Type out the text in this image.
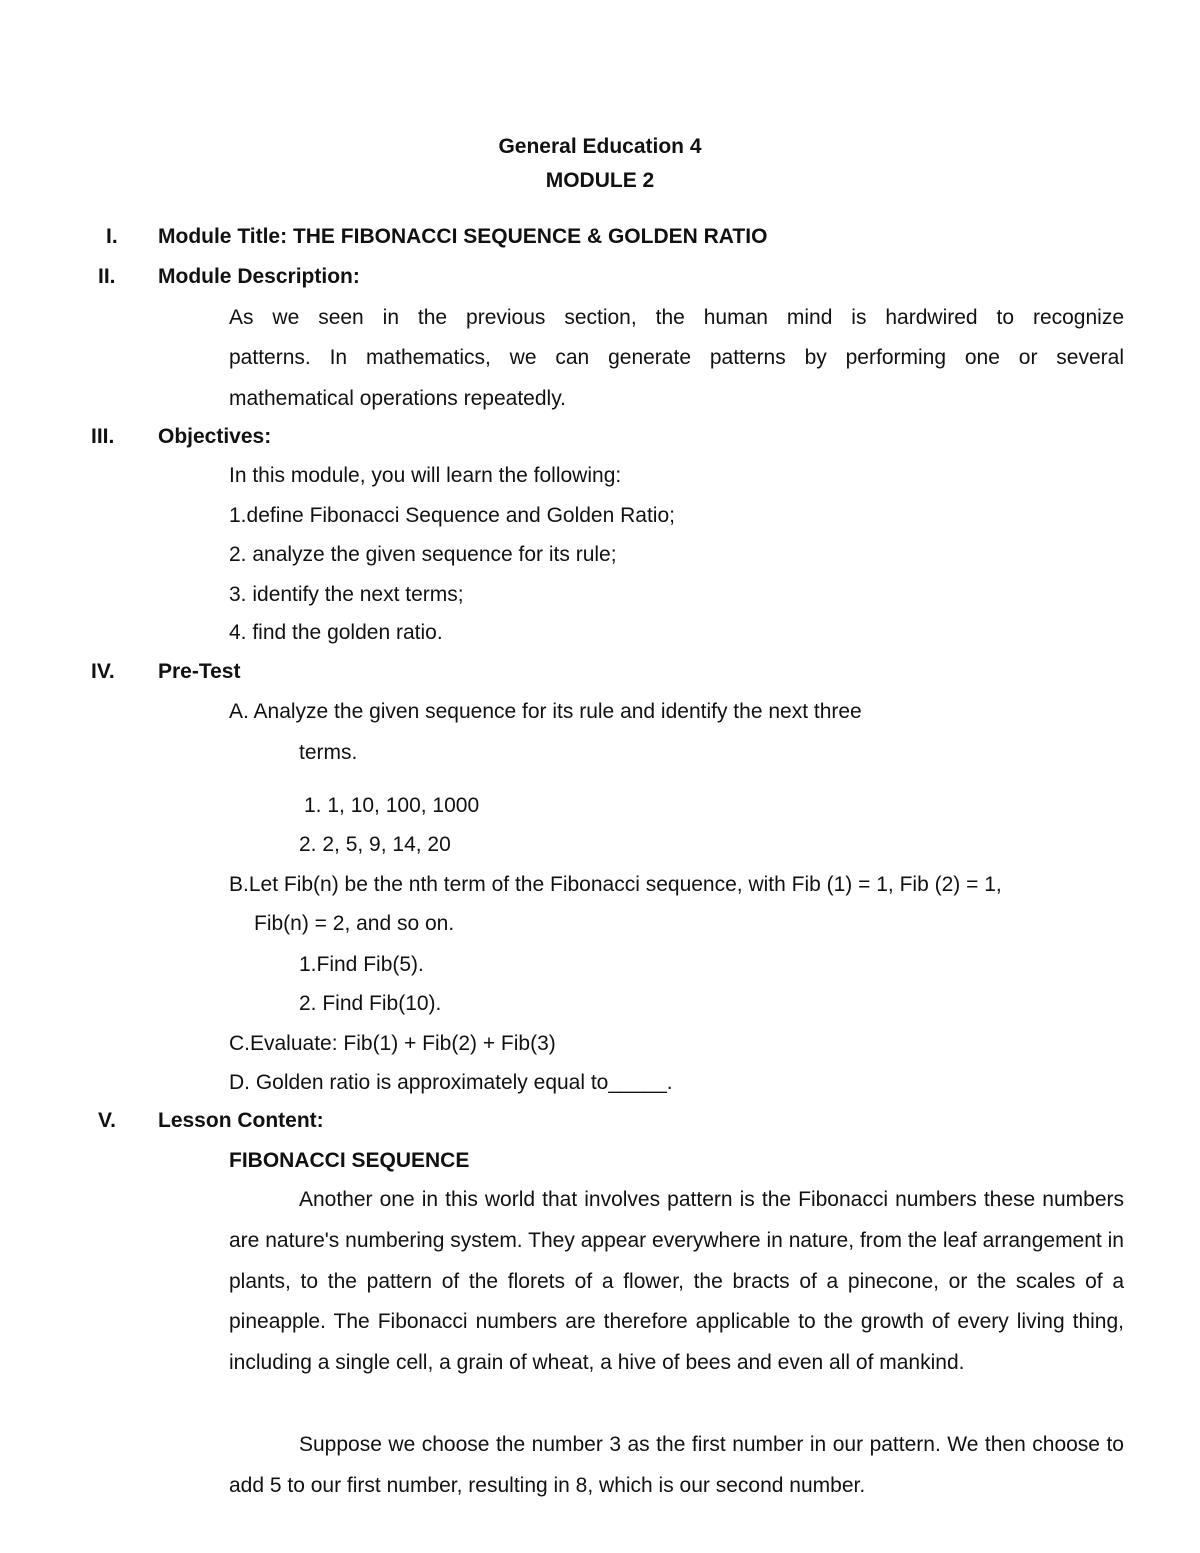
General Education 4
MODULE 2
I. Module Title: THE FIBONACCI SEQUENCE & GOLDEN RATIO
II. Module Description:
As we seen in the previous section, the human mind is hardwired to recognize
patterns. In mathematics, we can generate patterns by performing one or several
mathematical operations repeatedly.
III. Objectives:
In this module, you will learn the following:
1.define Fibonacci Sequence and Golden Ratio;
2. analyze the given sequence for its rule;
3. identify the next terms;
4. find the golden ratio.
IV. Pre-Test
A. Analyze the given sequence for its rule and identify the next three
terms.
1. 1, 10, 100, 1000
2. 2, 5, 9, 14, 20
B.Let Fib(n) be the nth term of the Fibonacci sequence, with Fib (1) = 1, Fib (2) = 1,
Fib(n) = 2, and so on.
1.Find Fib(5).
2. Find Fib(10).
C.Evaluate: Fib(1) + Fib(2) + Fib(3)
D. Golden ratio is approximately equal to_____.
V. Lesson Content:
FIBONACCI SEQUENCE
Another one in this world that involves pattern is the Fibonacci numbers these numbers are nature's numbering system. They appear everywhere in nature, from the leaf arrangement in plants, to the pattern of the florets of a flower, the bracts of a pinecone, or the scales of a pineapple. The Fibonacci numbers are therefore applicable to the growth of every living thing, including a single cell, a grain of wheat, a hive of bees and even all of mankind.
Suppose we choose the number 3 as the first number in our pattern. We then choose to add 5 to our first number, resulting in 8, which is our second number.
